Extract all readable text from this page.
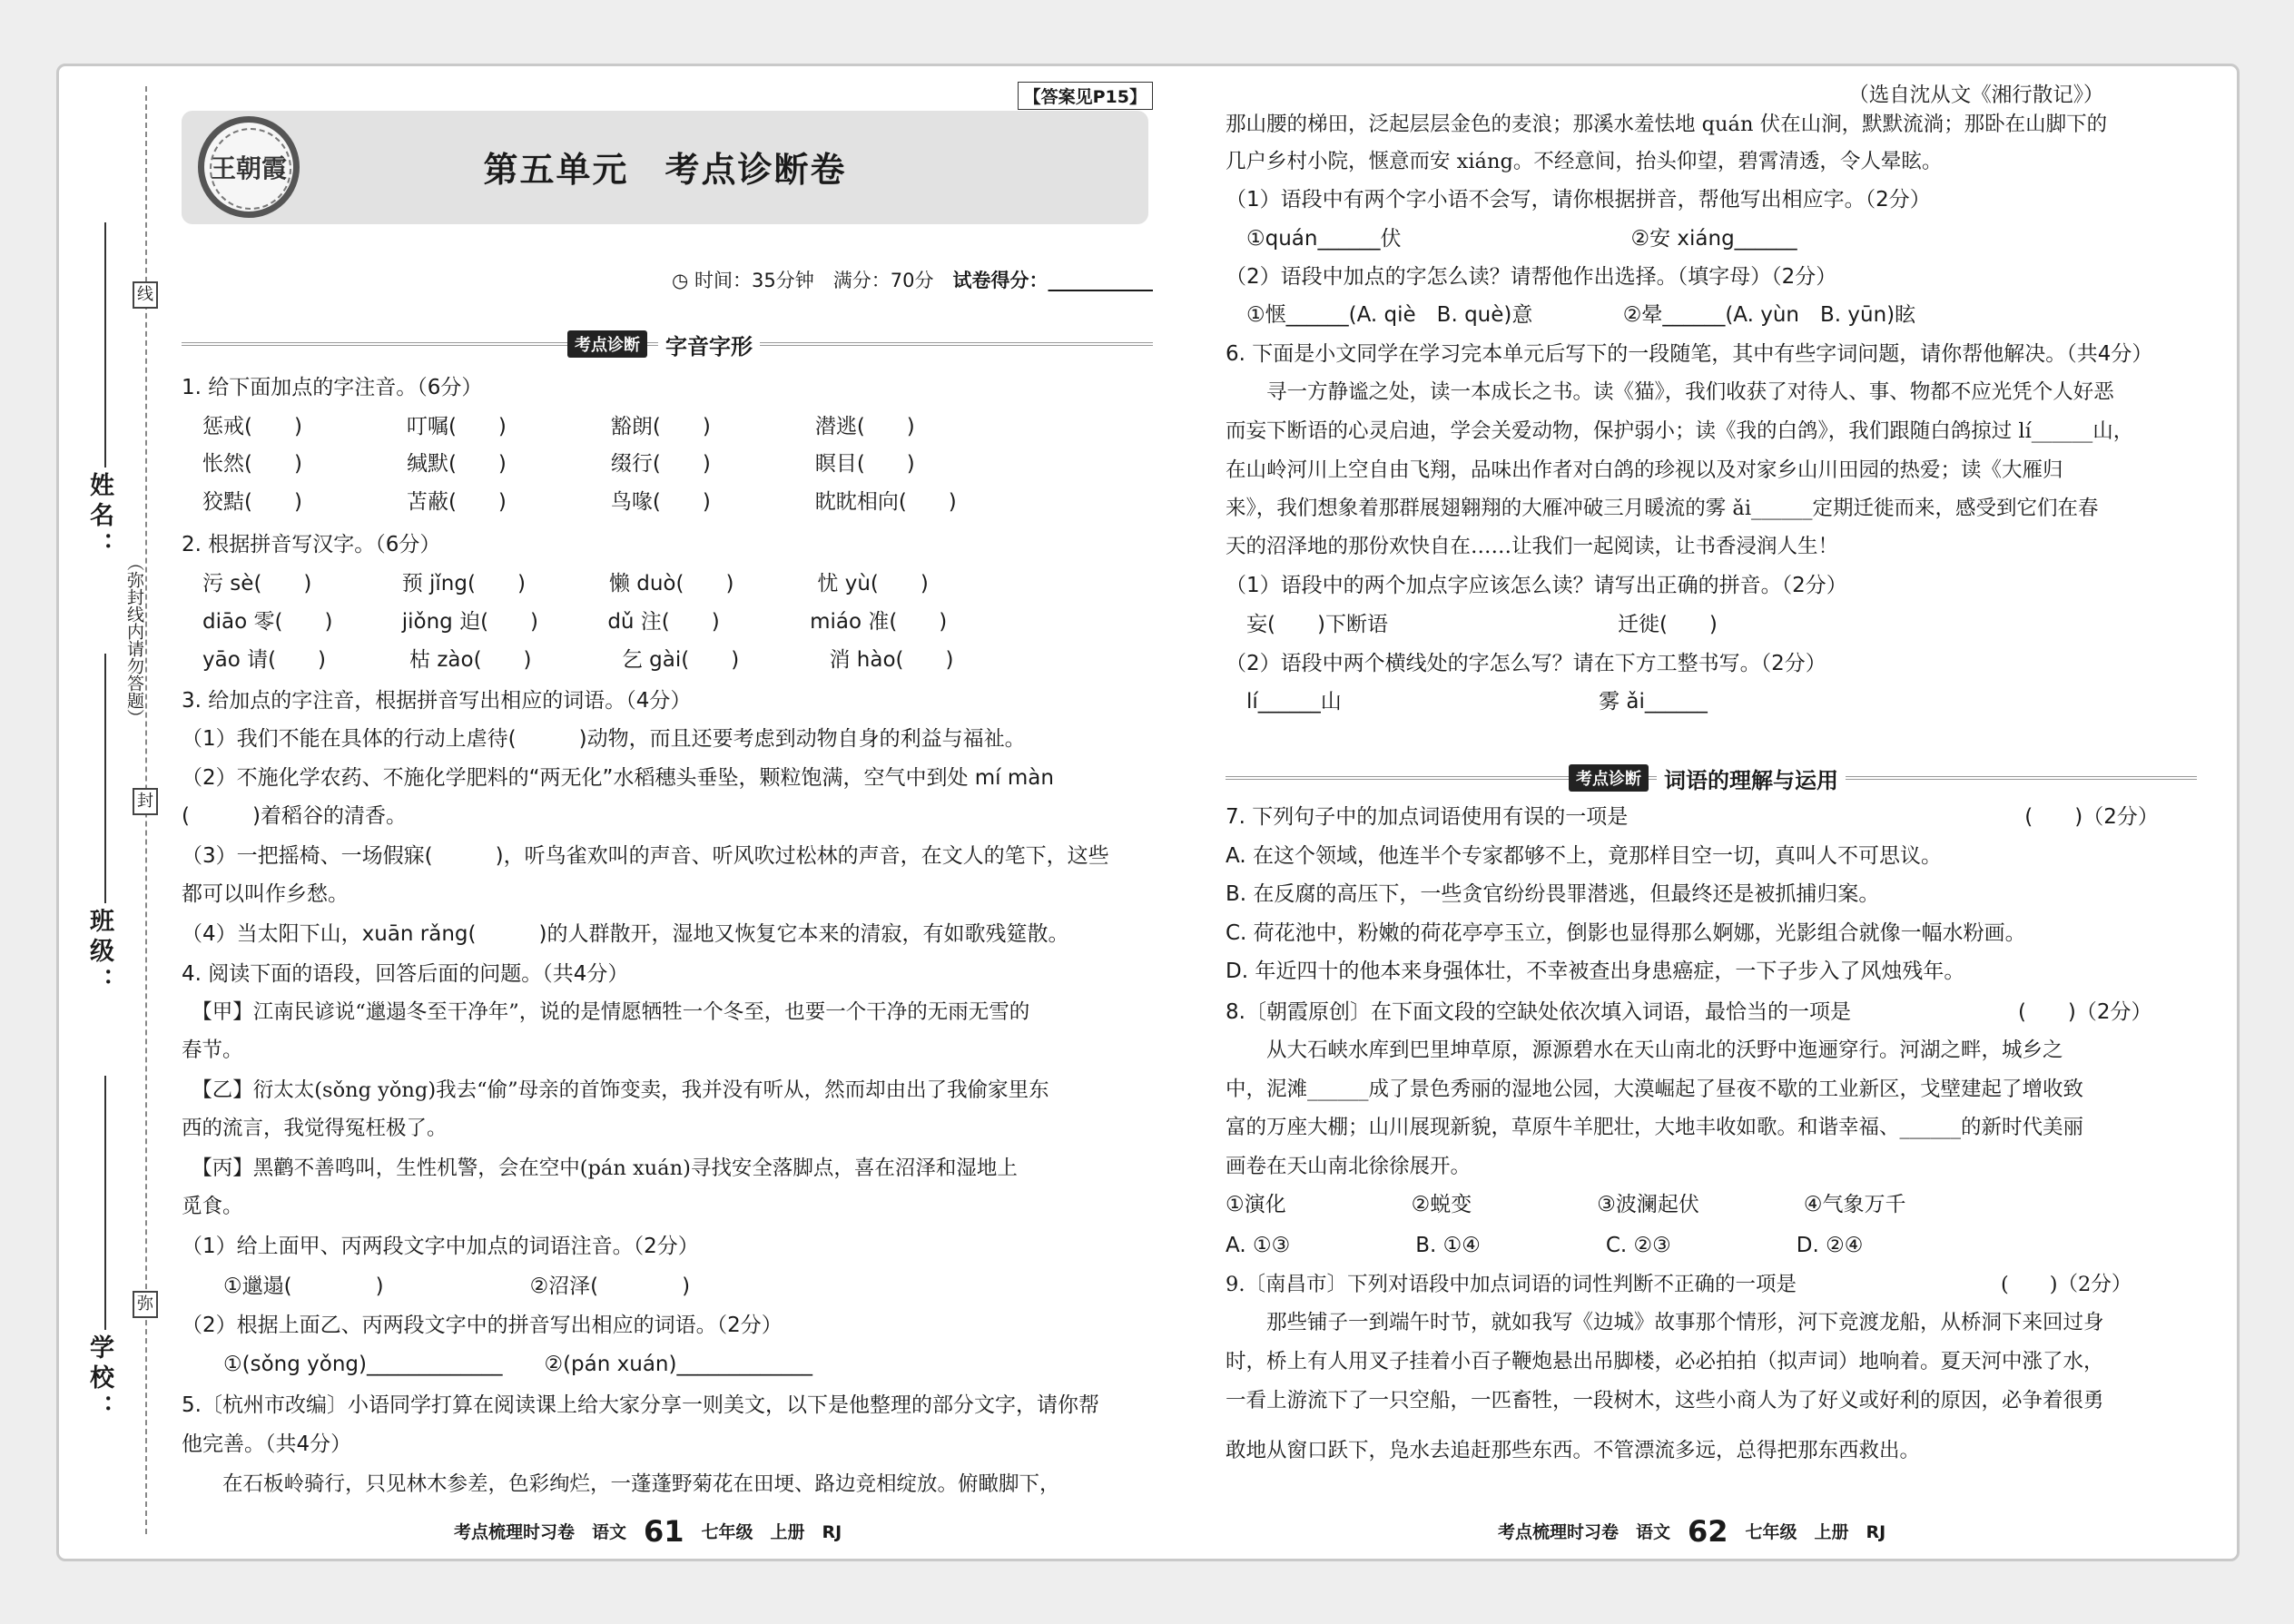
线
封
弥
（弥封线内请勿答题）
姓名：
班级：
学校：
【答案见P15】
王朝霞	第五单元　考点诊断卷
◷ 时间：35分钟　满分：70分　 试卷得分：___________
考点诊断	字音字形
1. 给下面加点的字注音。（6分）
　惩戒(　　)　　　　　叮嘱(　　)　　　　　豁朗(　　)　　　　　潜逃(　　)
　怅然(　　)　　　　　缄默(　　)　　　　　缀行(　　)　　　　　瞑目(　　)
　狡黠(　　)　　　　　苫蔽(　　)　　　　　鸟喙(　　)　　　　　眈眈相向(　　)
2. 根据拼音写汉字。（6分）
　污 sè(　　)　　　　 预 jǐng(　　)　　　　懒 duò(　　)　　　　忧 yù(　　)
　diāo 零(　　)　　　 jiǒng 迫(　　)　　　 dǔ 注(　　)　　　　 miáo 准(　　)
　yāo 请(　　)　　　　枯 zào(　　)　　　　 乞 gài(　　)　　　　 消 hào(　　)
3. 给加点的字注音，根据拼音写出相应的词语。（4分）
（1）我们不能在具体的行动上虐待(　　　)动物，而且还要考虑到动物自身的利益与福祉。
（2）不施化学农药、不施化学肥料的“两无化”水稻穗头垂坠，颗粒饱满，空气中到处 mí màn
(　　　)着稻谷的清香。
（3）一把摇椅、一场假寐(　　　)，听鸟雀欢叫的声音、听风吹过松林的声音，在文人的笔下，这些
都可以叫作乡愁。
（4）当太阳下山，xuān rǎng(　　　)的人群散开，湿地又恢复它本来的清寂，有如歌残筵散。
4. 阅读下面的语段，回答后面的问题。（共4分）
　【甲】江南民谚说“邋遢冬至干净年”，说的是情愿牺牲一个冬至，也要一个干净的无雨无雪的
春节。
　【乙】衍太太(sǒng yǒng)我去“偷”母亲的首饰变卖，我并没有听从，然而却由出了我偷家里东
西的流言，我觉得冤枉极了。
　【丙】黑鹳不善鸣叫，生性机警，会在空中(pán xuán)寻找安全落脚点，喜在沼泽和湿地上
觅食。
（1）给上面甲、丙两段文字中加点的词语注音。（2分）
　　①邋遢(　　　　)　　　　　　　②沼泽(　　　　)
（2）根据上面乙、丙两段文字中的拼音写出相应的词语。（2分）
　　①(sǒng yǒng)_____________　　②(pán xuán)_____________
5.〔杭州市改编〕小语同学打算在阅读课上给大家分享一则美文，以下是他整理的部分文字，请你帮
他完善。（共4分）
　　在石板岭骑行，只见林木参差，色彩绚烂，一蓬蓬野菊花在田埂、路边竞相绽放。俯瞰脚下，
考点梳理时习卷　语文　61　七年级　上册　RJ
那山腰的梯田，泛起层层金色的麦浪；那溪水羞怯地 quán 伏在山涧，默默流淌；那卧在山脚下的
几户乡村小院，惬意而安 xiáng。不经意间，抬头仰望，碧霄清透，令人晕眩。
（1）语段中有两个字小语不会写，请你根据拼音，帮他写出相应字。（2分）
　①quán______伏　　　　　　　　　　　②安 xiáng______
（2）语段中加点的字怎么读？请帮他作出选择。（填字母）（2分）
　①惬______(A. qiè　B. què)意　　　　 ②晕______(A. yùn　B. yūn)眩
6. 下面是小文同学在学习完本单元后写下的一段随笔，其中有些字词问题，请你帮他解决。（共4分）
　　寻一方静谧之处，读一本成长之书。读《猫》，我们收获了对待人、事、物都不应光凭个人好恶
而妄下断语的心灵启迪，学会关爱动物，保护弱小；读《我的白鸽》，我们跟随白鸽掠过 lí______山，
在山岭河川上空自由飞翔，品味出作者对白鸽的珍视以及对家乡山川田园的热爱；读《大雁归
来》，我们想象着那群展翅翱翔的大雁冲破三月暖流的雾 ǎi______定期迁徙而来，感受到它们在春
天的沼泽地的那份欢快自在……让我们一起阅读，让书香浸润人生！
（1）语段中的两个加点字应该怎么读？请写出正确的拼音。（2分）
　妄(　　)下断语　　　　　　　　　　　迁徙(　　)
（2）语段中两个横线处的字怎么写？请在下方工整书写。（2分）
　lí______山　　　　　　　　　　　　 雾 ǎi______
7. 下列句子中的加点词语使用有误的一项是　　　　　　　　　　　　　　　　　　　(　　)（2分）
A. 在这个领域，他连半个专家都够不上，竟那样目空一切，真叫人不可思议。
B. 在反腐的高压下，一些贪官纷纷畏罪潜逃，但最终还是被抓捕归案。
C. 荷花池中，粉嫩的荷花亭亭玉立，倒影也显得那么婀娜，光影组合就像一幅水粉画。
D. 年近四十的他本来身强体壮，不幸被查出身患癌症，一下子步入了风烛残年。
8.〔朝霞原创〕在下面文段的空缺处依次填入词语，最恰当的一项是　　　　　　　　(　　)（2分）
　　从大石峡水库到巴里坤草原，源源碧水在天山南北的沃野中迤逦穿行。河湖之畔，城乡之
中，泥滩______成了景色秀丽的湿地公园，大漠崛起了昼夜不歇的工业新区，戈壁建起了增收致
富的万座大棚；山川展现新貌，草原牛羊肥壮，大地丰收如歌。和谐幸福、______的新时代美丽
画卷在天山南北徐徐展开。
①演化　　　　　　②蜕变　　　　　　③波澜起伏　　　　　④气象万千
A. ①③　　　　　　B. ①④　　　　　　C. ②③　　　　　　D. ②④
9.〔南昌市〕下列对语段中加点词语的词性判断不正确的一项是　　　　　　　　　　(　　)（2分）
　　那些铺子一到端午时节，就如我写《边城》故事那个情形，河下竞渡龙船，从桥洞下来回过身
时，桥上有人用叉子挂着小百子鞭炮悬出吊脚楼，必必拍拍（拟声词）地响着。夏天河中涨了水，
一看上游流下了一只空船，一匹畜牲，一段树木，这些小商人为了好义或好利的原因，必争着很勇
敢地从窗口跃下，凫水去追赶那些东西。不管漂流多远，总得把那东西救出。
　　　　　　　　　　　　　　　　　　　　　　　　　　　　　　　（选自沈从文《湘行散记》）
考点诊断	词语的理解与运用
考点梳理时习卷　语文　62　七年级　上册　RJ
